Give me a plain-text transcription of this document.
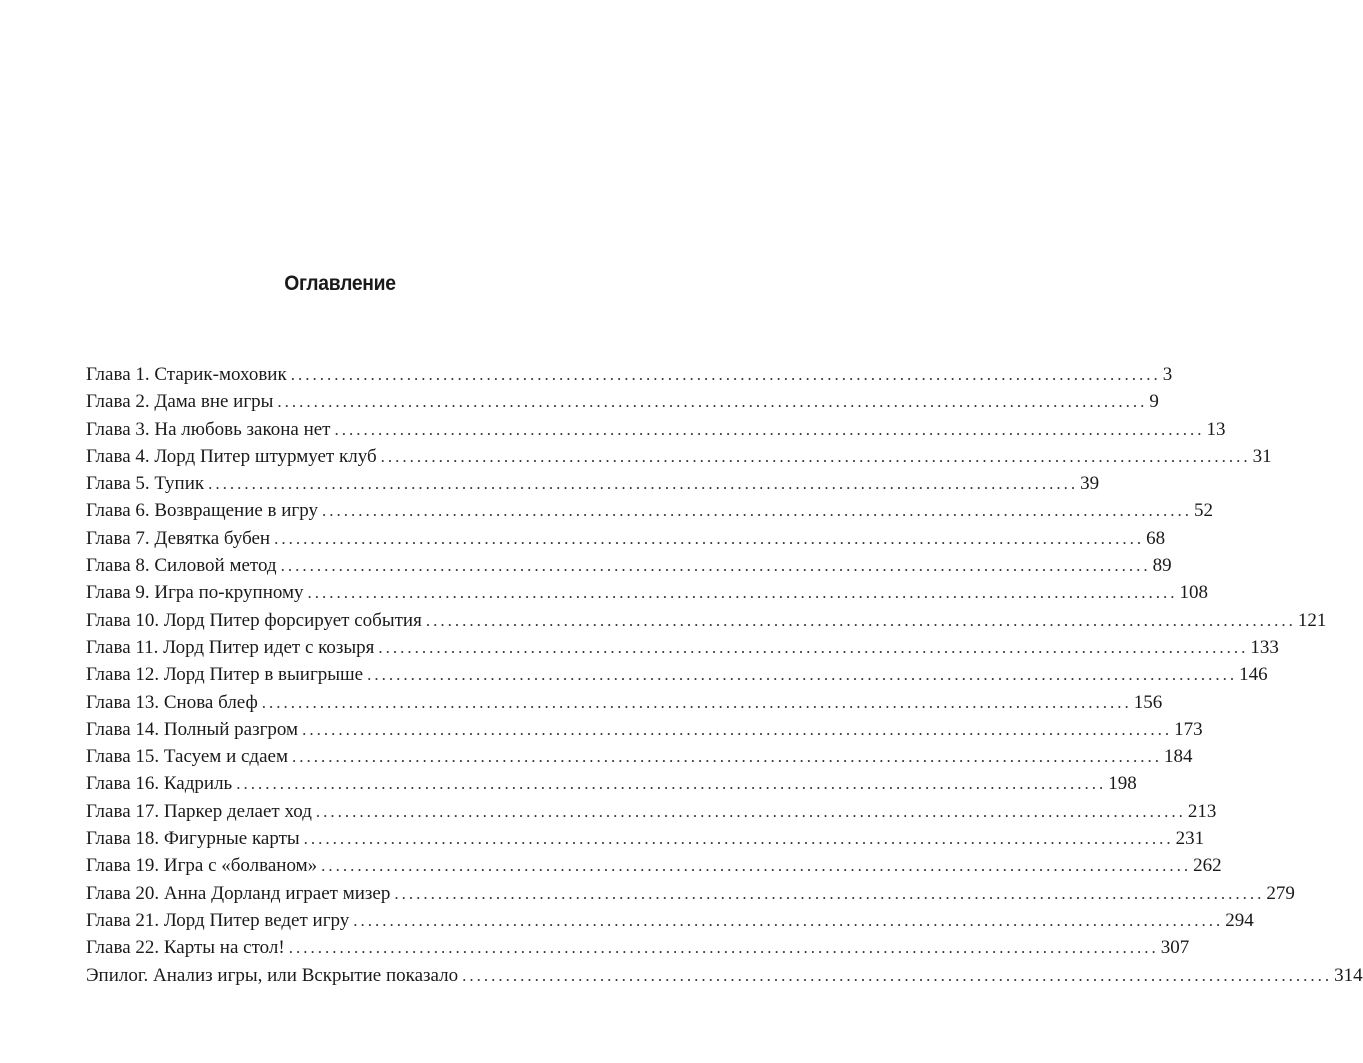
Оглавление
Глава 1. Старик-моховик ........................................................................................................................ 3
Глава 2. Дама вне игры ........................................................................................................................ 9
Глава 3. На любовь закона нет ........................................................................................................................ 13
Глава 4. Лорд Питер штурмует клуб ........................................................................................................................ 31
Глава 5. Тупик ........................................................................................................................ 39
Глава 6. Возвращение в игру ........................................................................................................................ 52
Глава 7. Девятка бубен ........................................................................................................................ 68
Глава 8. Силовой метод ........................................................................................................................ 89
Глава 9. Игра по-крупному ........................................................................................................................ 108
Глава 10. Лорд Питер форсирует события ........................................................................................................................ 121
Глава 11. Лорд Питер идет с козыря ........................................................................................................................ 133
Глава 12. Лорд Питер в выигрыше ........................................................................................................................ 146
Глава 13. Снова блеф ........................................................................................................................ 156
Глава 14. Полный разгром ........................................................................................................................ 173
Глава 15. Тасуем и сдаем ........................................................................................................................ 184
Глава 16. Кадриль ........................................................................................................................ 198
Глава 17. Паркер делает ход ........................................................................................................................ 213
Глава 18. Фигурные карты ........................................................................................................................ 231
Глава 19. Игра с «болваном» ........................................................................................................................ 262
Глава 20. Анна Дорланд играет мизер ........................................................................................................................ 279
Глава 21. Лорд Питер ведет игру ........................................................................................................................ 294
Глава 22. Карты на стол! ........................................................................................................................ 307
Эпилог. Анализ игры, или Вскрытие показало ........................................................................................................................ 314
